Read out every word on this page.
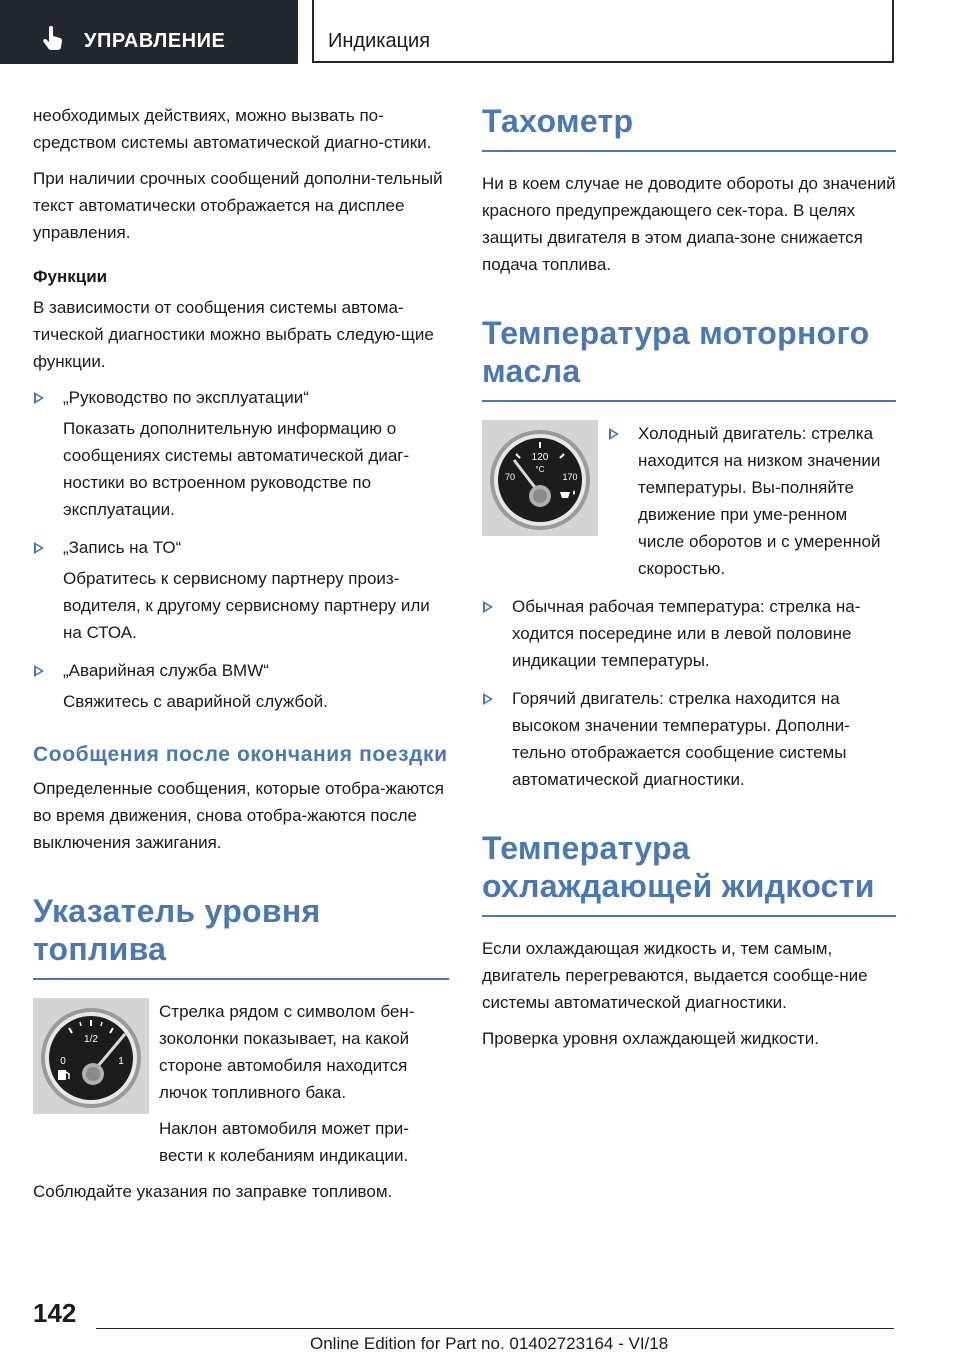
УПРАВЛЕНИЕ	Индикация

необходимых действиях, можно вызвать по-средством системы автоматической диагно-стики.

При наличии срочных сообщений дополни-тельный текст автоматически отображается на дисплее управления.

Функции

В зависимости от сообщения системы автома-тической диагностики можно выбрать следую-щие функции.

„Руководство по эксплуатации“

Показать дополнительную информацию о сообщениях системы автоматической диаг-ностики во встроенном руководстве по эксплуатации.

„Запись на ТО“

Обратитесь к сервисному партнеру произ-водителя, к другому сервисному партнеру или на СТОА.

„Аварийная служба BMW“

Свяжитесь с аварийной службой.

Сообщения после окончания поездки

Определенные сообщения, которые отобра-жаются во время движения, снова отобра-жаются после выключения зажигания.

Указатель уровня топлива
1/2
0	1

Стрелка рядом с символом бен-зоколонки показывает, на какой стороне автомобиля находится лючок топливного бака.

Наклон автомобиля может при-вести к колебаниям индикации.

Соблюдайте указания по заправке топливом.

Тахометр

Ни в коем случае не доводите обороты до значений красного предупреждающего сек-тора. В целях защиты двигателя в этом диапа-зоне снижается подача топлива.

Температура моторного масла
120
°C
70	170

Холодный двигатель: стрелка находится на низком значении температуры. Вы-полняйте движение при уме-ренном числе оборотов и с умеренной скоростью.

Обычная рабочая температура: стрелка на-ходится посередине или в левой половине индикации температуры.

Горячий двигатель: стрелка находится на высоком значении температуры. Дополни-тельно отображается сообщение системы автоматической диагностики.

Температура охлаждающей жидкости

Если охлаждающая жидкость и, тем самым, двигатель перегреваются, выдается сообще-ние системы автоматической диагностики.

Проверка уровня охлаждающей жидкости.

142
Online Edition for Part no. 01402723164 - VI/18
